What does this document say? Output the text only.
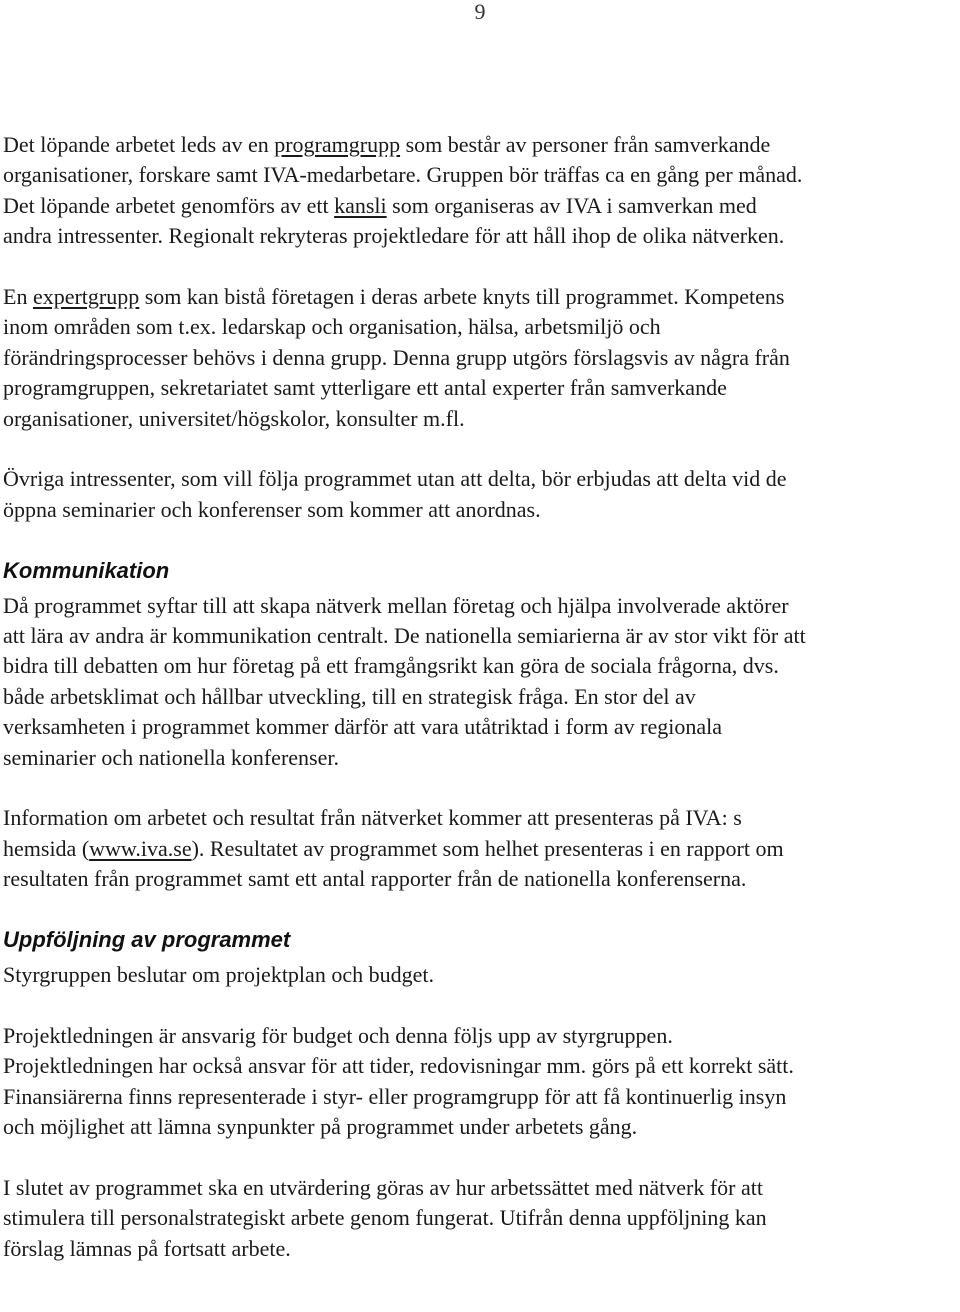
9

Det löpande arbetet leds av en programgrupp som består av personer från samverkande
organisationer, forskare samt IVA-medarbetare. Gruppen bör träffas ca en gång per månad.
Det löpande arbetet genomförs av ett kansli som organiseras av IVA i samverkan med
andra intressenter. Regionalt rekryteras projektledare för att håll ihop de olika nätverken.

En expertgrupp som kan bistå företagen i deras arbete knyts till programmet. Kompetens
inom områden som t.ex. ledarskap och organisation, hälsa, arbetsmiljö och
förändringsprocesser behövs i denna grupp. Denna grupp utgörs förslagsvis av några från
programgruppen, sekretariatet samt ytterligare ett antal experter från samverkande
organisationer, universitet/högskolor, konsulter m.fl.

Övriga intressenter, som vill följa programmet utan att delta, bör erbjudas att delta vid de
öppna seminarier och konferenser som kommer att anordnas.

Kommunikation

Då programmet syftar till att skapa nätverk mellan företag och hjälpa involverade aktörer
att lära av andra är kommunikation centralt. De nationella semiarierna är av stor vikt för att
bidra till debatten om hur företag på ett framgångsrikt kan göra de sociala frågorna, dvs.
både arbetsklimat och hållbar utveckling, till en strategisk fråga. En stor del av
verksamheten i programmet kommer därför att vara utåtriktad i form av regionala
seminarier och nationella konferenser.

Information om arbetet och resultat från nätverket kommer att presenteras på IVA: s
hemsida (www.iva.se). Resultatet av programmet som helhet presenteras i en rapport om
resultaten från programmet samt ett antal rapporter från de nationella konferenserna.

Uppföljning av programmet

Styrgruppen beslutar om projektplan och budget.

Projektledningen är ansvarig för budget och denna följs upp av styrgruppen.
Projektledningen har också ansvar för att tider, redovisningar mm. görs på ett korrekt sätt.
Finansiärerna finns representerade i styr- eller programgrupp för att få kontinuerlig insyn
och möjlighet att lämna synpunkter på programmet under arbetets gång.

I slutet av programmet ska en utvärdering göras av hur arbetssättet med nätverk för att
stimulera till personalstrategiskt arbete genom fungerat. Utifrån denna uppföljning kan
förslag lämnas på fortsatt arbete.
